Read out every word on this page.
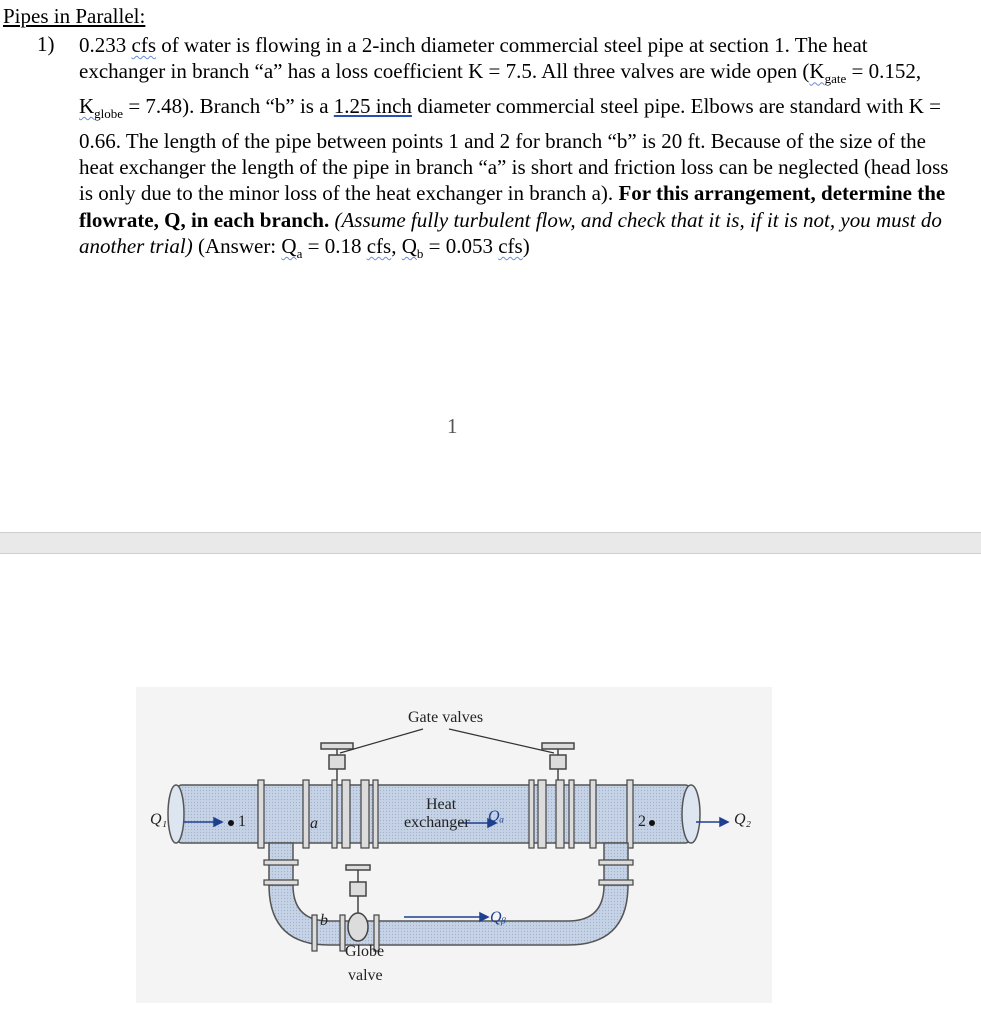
Pipes in Parallel:
1) 0.233 cfs of water is flowing in a 2-inch diameter commercial steel pipe at section 1. The heat exchanger in branch “a” has a loss coefficient K = 7.5. All three valves are wide open ($K_{gate} = 0.152$, $K_{globe} = 7.48$). Branch “b” is a 1.25 inch diameter commercial steel pipe. Elbows are standard with K = 0.66. The length of the pipe between points 1 and 2 for branch “b” is 20 ft. Because of the size of the heat exchanger the length of the pipe in branch “a” is short and friction loss can be neglected (head loss is only due to the minor loss of the heat exchanger in branch a). For this arrangement, determine the flowrate, Q, in each branch. (Assume fully turbulent flow, and check that it is, if it is not, you must do another trial) (Answer: $Q_a = 0.18$ cfs, $Q_b = 0.053$ cfs)
1
Gate valves
Heat
exchanger Qₐ
Qᵦ
Q₁	Q₂
1	2
a
b
Globe
valve
